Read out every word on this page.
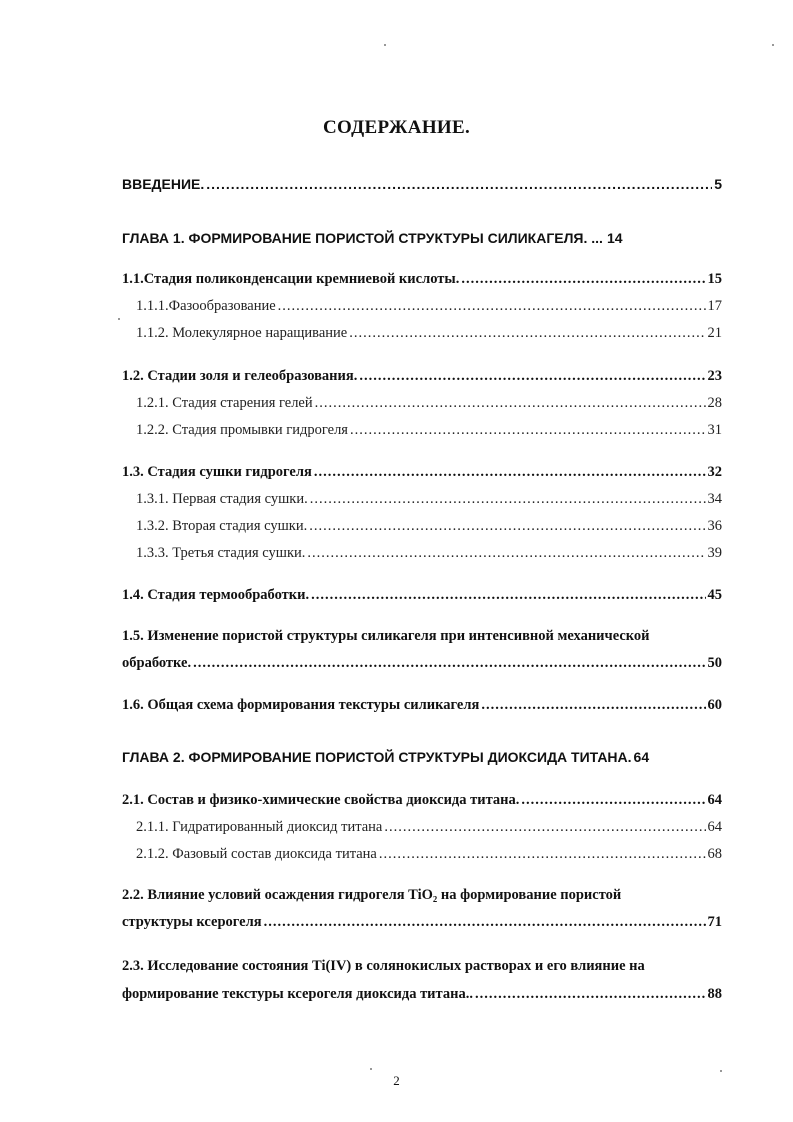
СОДЕРЖАНИЕ.
ВВЕДЕНИЕ. .....	5
ГЛАВА 1. ФОРМИРОВАНИЕ ПОРИСТОЙ СТРУКТУРЫ СИЛИКАГЕЛЯ. ... 14
1.1.Стадия поликонденсации кремниевой кислоты. .....	15
1.1.1.Фазообразование .....	17
1.1.2. Молекулярное наращивание .....	21
1.2. Стадии золя и гелеобразования. .....	23
1.2.1. Стадия старения гелей .....	28
1.2.2. Стадия промывки гидрогеля .....	31
1.3. Стадия сушки гидрогеля .....	32
1.3.1. Первая стадия сушки. .....	34
1.3.2. Вторая стадия сушки. .....	36
1.3.3. Третья стадия сушки. .....	39
1.4. Стадия термообработки. .....	45
1.5. Изменение пористой структуры силикагеля при интенсивной механической
обработке. .....	50
1.6. Общая схема формирования текстуры силикагеля .....	60
ГЛАВА 2. ФОРМИРОВАНИЕ ПОРИСТОЙ СТРУКТУРЫ ДИОКСИДА ТИТАНА. 64
2.1. Состав и физико-химические свойства диоксида титана. .....	64
2.1.1. Гидратированный диоксид титана .....	64
2.1.2. Фазовый состав диоксида титана .....	68
2.2. Влияние условий осаждения гидрогеля TiO₂ на формирование пористой
структуры ксерогеля .....	71
2.3. Исследование состояния Ti(IV) в солянокислых растворах и его влияние на
формирование текстуры ксерогеля диоксида титана.. .....	88
2
